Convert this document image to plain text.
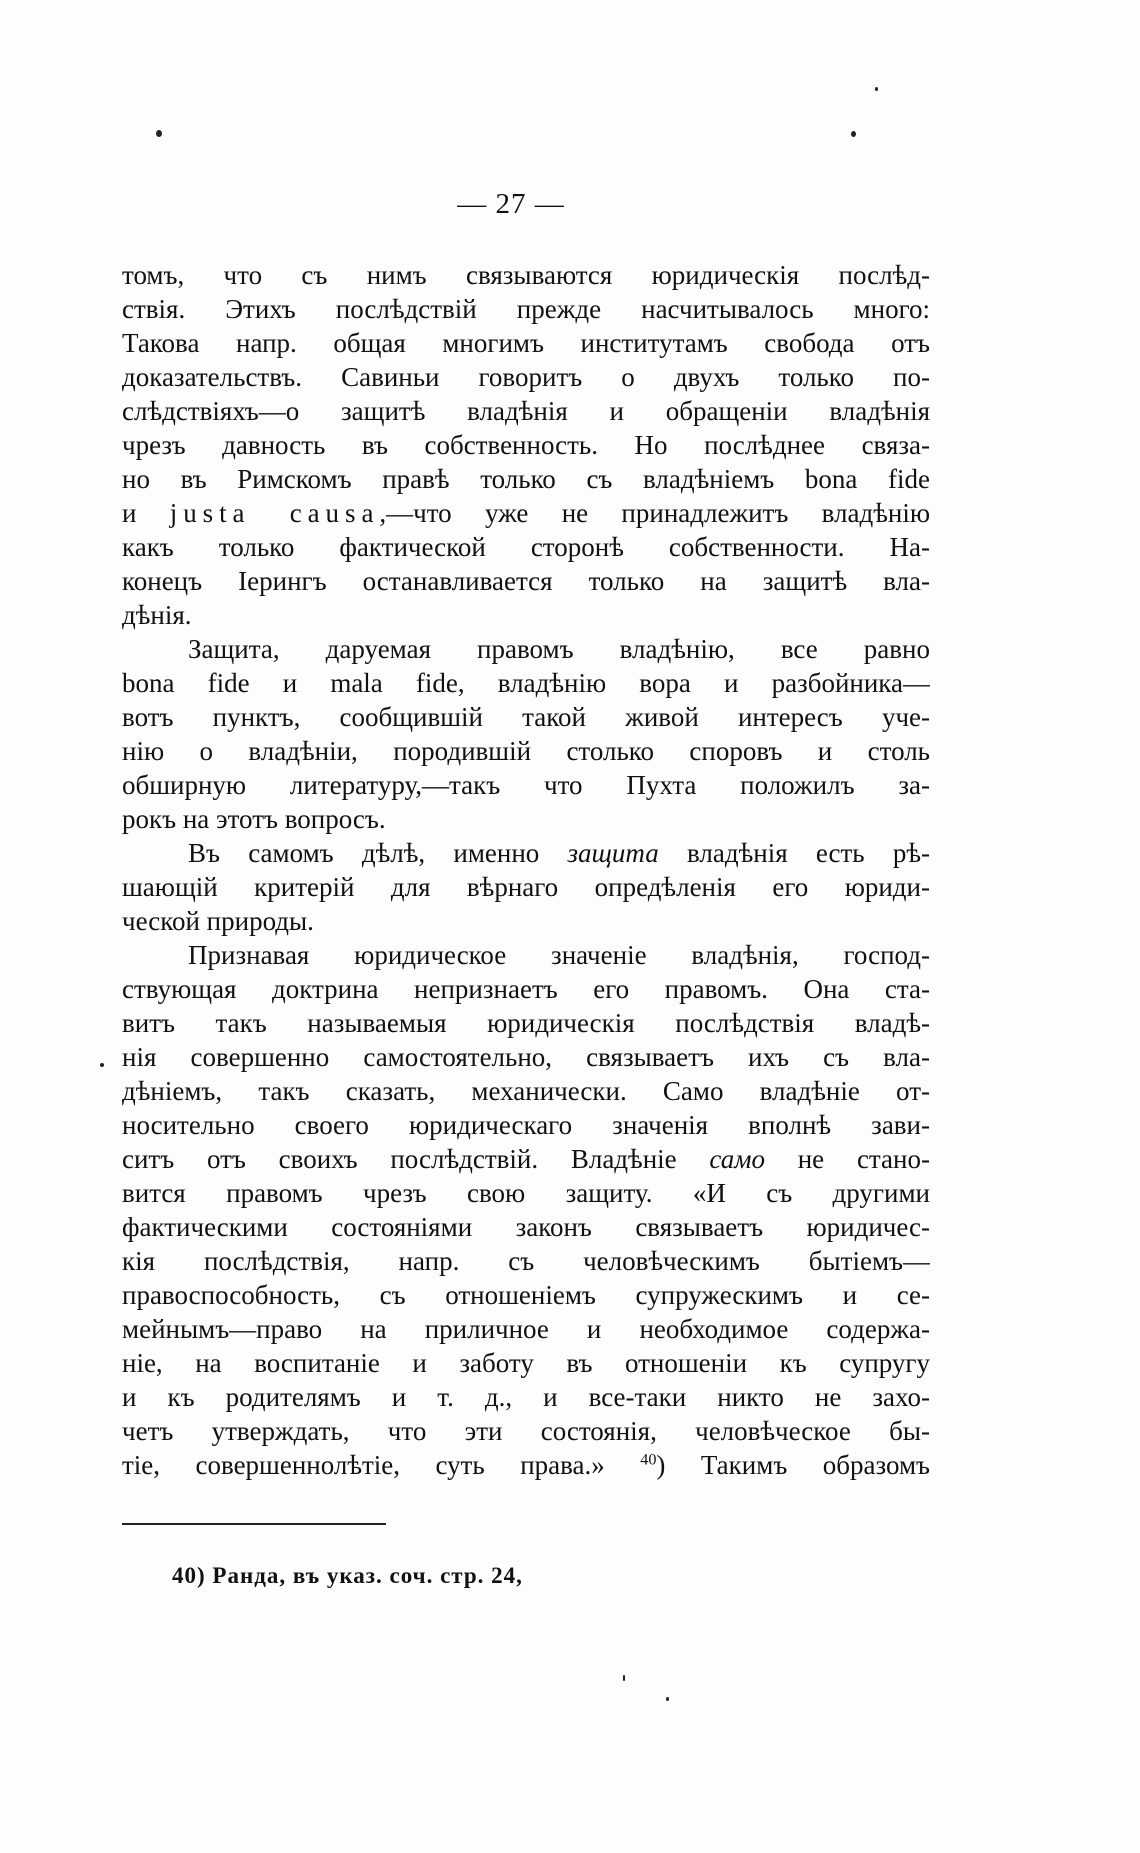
— 27 —
томъ, что съ нимъ связываются юридическія послѣд-
ствія. Этихъ послѣдствій прежде насчитывалось много:
Такова напр. общая многимъ институтамъ свобода отъ
доказательствъ. Савиньи говоритъ о двухъ только по-
слѣдствіяхъ—о защитѣ владѣнія и обращеніи владѣнія
чрезъ давность въ собственность. Но послѣднее связа-
но въ Римскомъ правѣ только съ владѣніемъ bona fide
и justa causa,—что уже не принадлежитъ владѣнію
какъ только фактической сторонѣ собственности. На-
конецъ Іерингъ останавливается только на защитѣ вла-
дѣнія.
Защита, даруемая правомъ владѣнію, все равно
bona fide и mala fide, владѣнію вора и разбойника—
вотъ пунктъ, сообщившій такой живой интересъ уче-
нію о владѣніи, породившій столько споровъ и столь
обширную литературу,—такъ что Пухта положилъ за-
рокъ на этотъ вопросъ.
Въ самомъ дѣлѣ, именно защита владѣнія есть рѣ-
шающій критерій для вѣрнаго опредѣленія его юриди-
ческой природы.
Признавая юридическое значеніе владѣнія, господ-
ствующая доктрина непризнаетъ его правомъ. Она ста-
витъ такъ называемыя юридическія послѣдствія владѣ-
нія совершенно самостоятельно, связываетъ ихъ съ вла-
дѣніемъ, такъ сказать, механически. Само владѣніе от-
носительно своего юридическаго значенія вполнѣ зави-
ситъ отъ своихъ послѣдствій. Владѣніе само не стано-
вится правомъ чрезъ свою защиту. «И съ другими
фактическими состояніями законъ связываетъ юридичес-
кія послѣдствія, напр. съ человѣческимъ бытіемъ—
правоспособность, съ отношеніемъ супружескимъ и се-
мейнымъ—право на приличное и необходимое содержа-
ніе, на воспитаніе и заботу въ отношеніи къ супругу
и къ родителямъ и т. д., и все-таки никто не захо-
четъ утверждать, что эти состоянія, человѣческое бы-
тіе, совершеннолѣтіе, суть права.» $^{40}$) Такимъ образомъ
40) Ранда, въ указ. соч. стр. 24,
